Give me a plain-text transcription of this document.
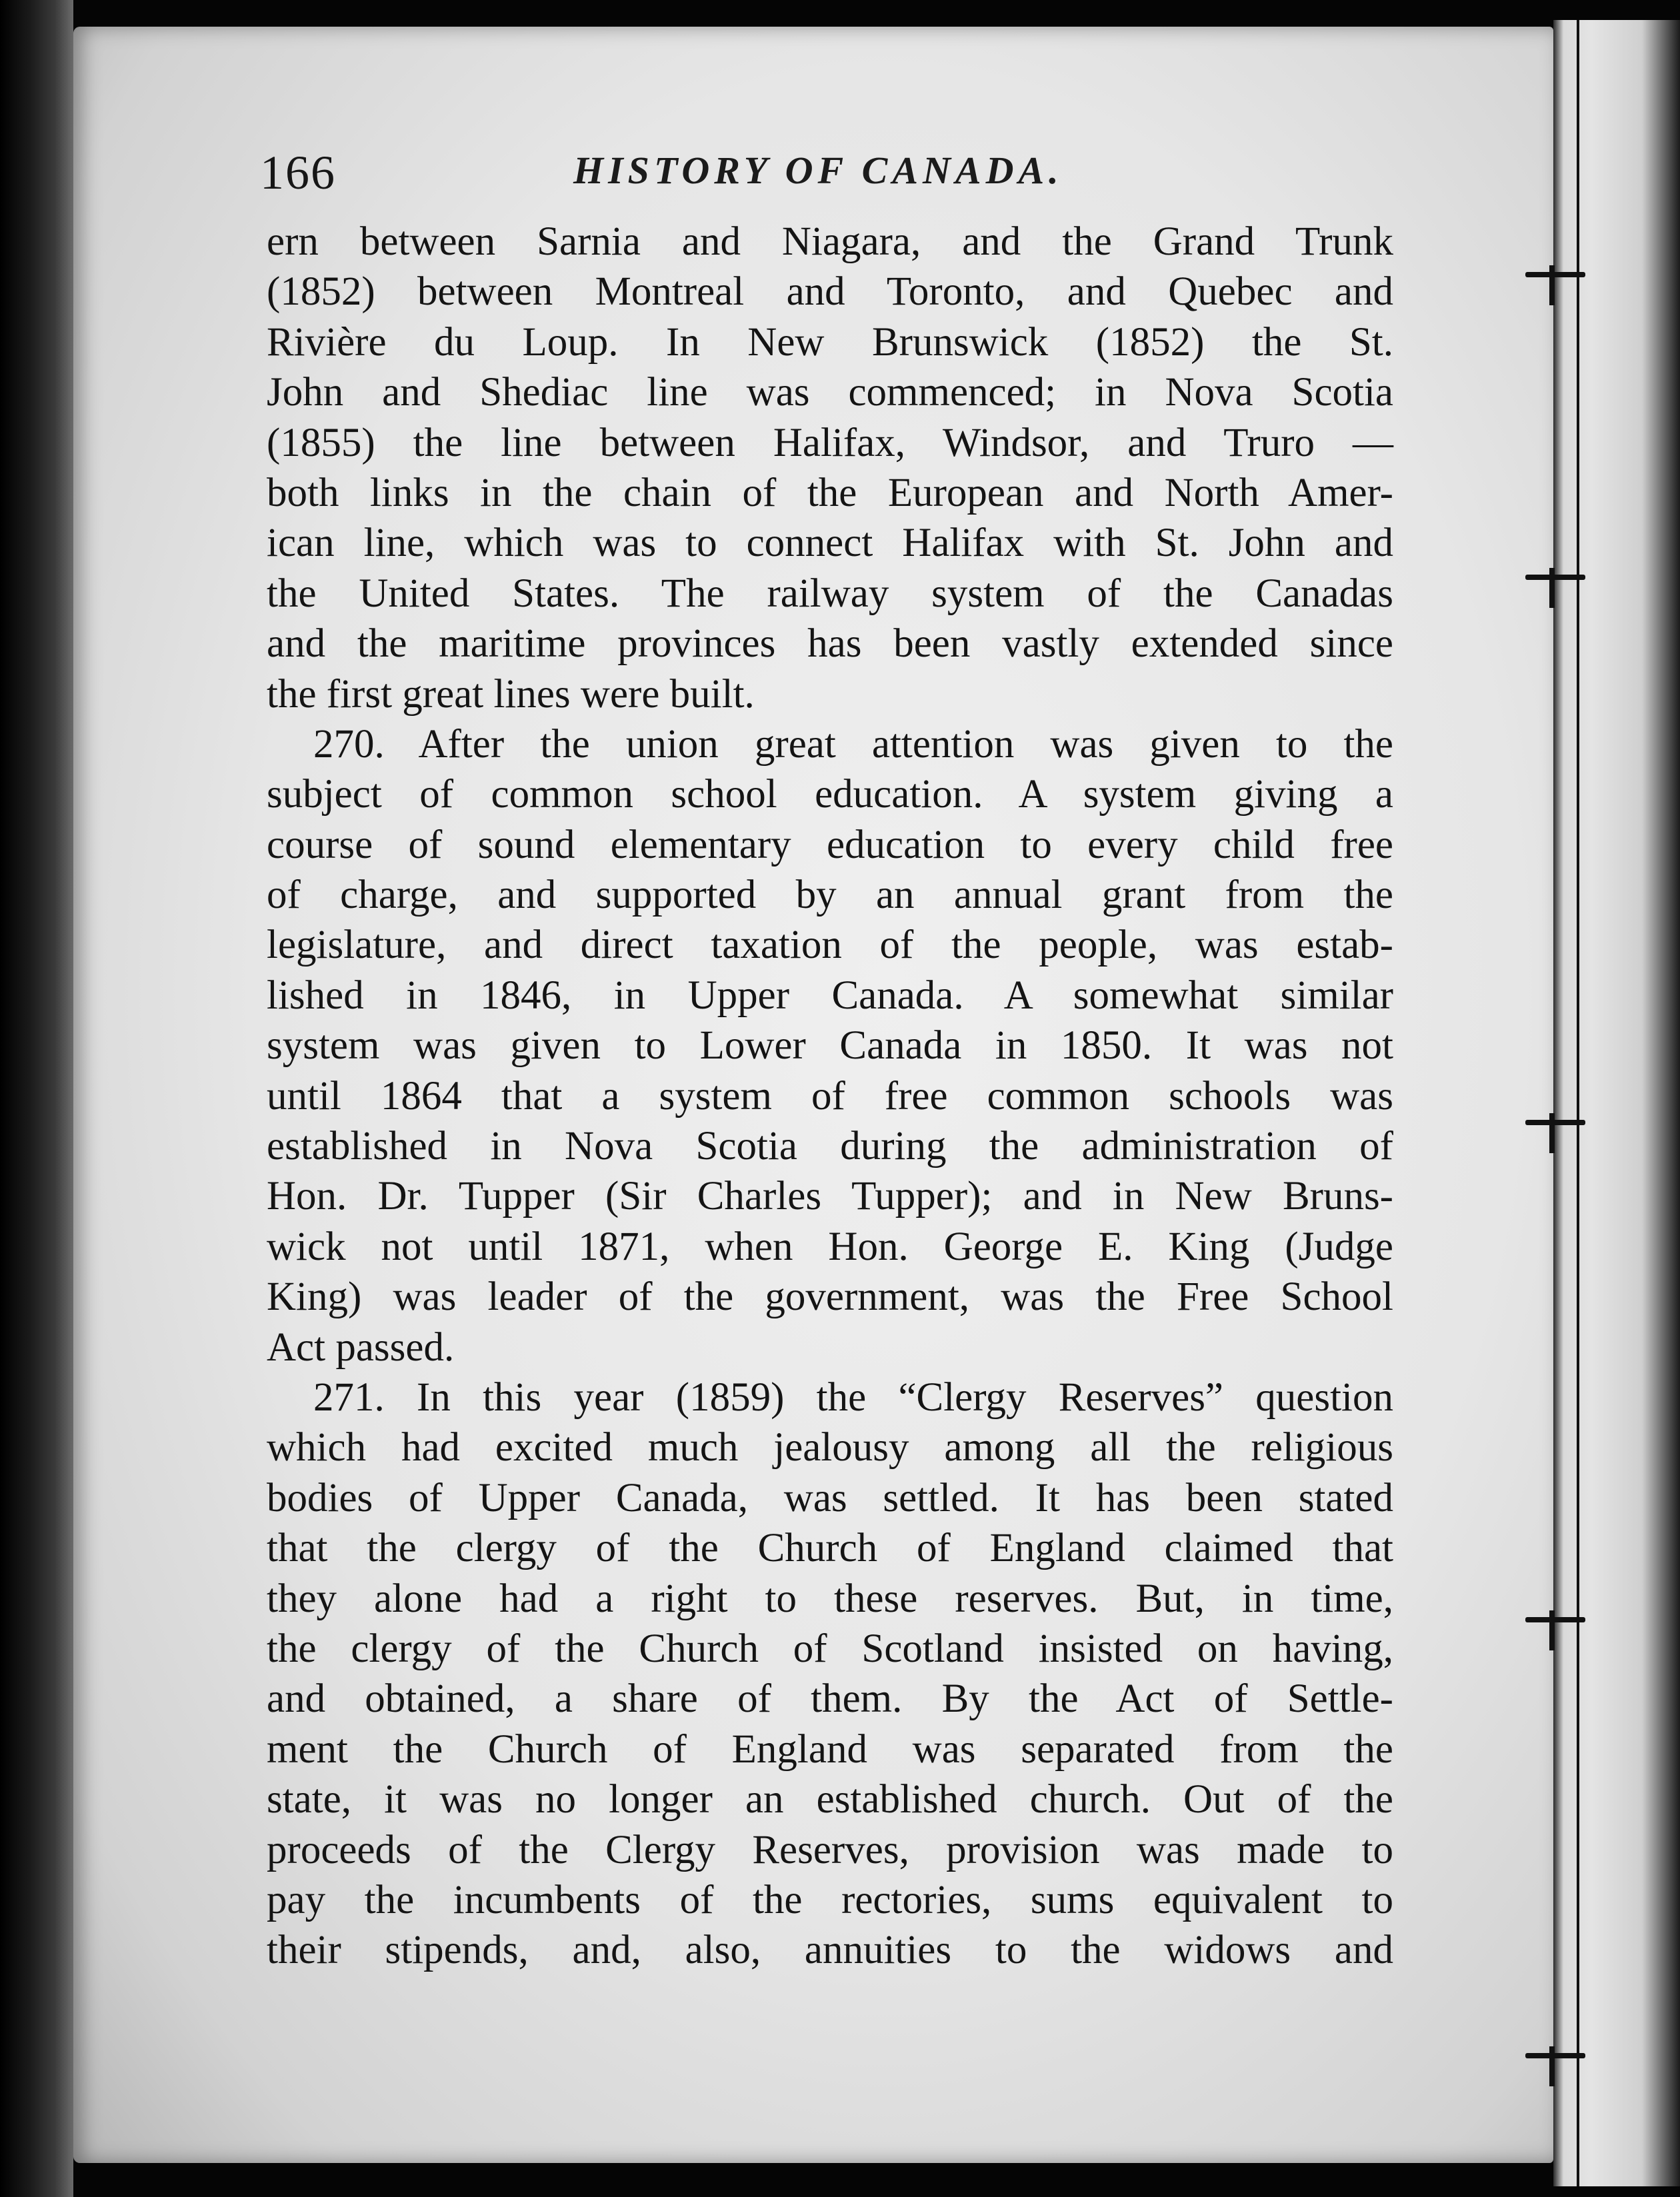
166	HISTORY OF CANADA.
ern between Sarnia and Niagara, and the Grand Trunk
(1852) between Montreal and Toronto, and Quebec and
Rivière du Loup. In New Brunswick (1852) the St.
John and Shediac line was commenced; in Nova Scotia
(1855) the line between Halifax, Windsor, and Truro —
both links in the chain of the European and North Amer-
ican line, which was to connect Halifax with St. John and
the United States. The railway system of the Canadas
and the maritime provinces has been vastly extended since
the first great lines were built.
270. After the union great attention was given to the
subject of common school education. A system giving a
course of sound elementary education to every child free
of charge, and supported by an annual grant from the
legislature, and direct taxation of the people, was estab-
lished in 1846, in Upper Canada. A somewhat similar
system was given to Lower Canada in 1850. It was not
until 1864 that a system of free common schools was
established in Nova Scotia during the administration of
Hon. Dr. Tupper (Sir Charles Tupper); and in New Bruns-
wick not until 1871, when Hon. George E. King (Judge
King) was leader of the government, was the Free School
Act passed.
271. In this year (1859) the “Clergy Reserves” question
which had excited much jealousy among all the religious
bodies of Upper Canada, was settled. It has been stated
that the clergy of the Church of England claimed that
they alone had a right to these reserves. But, in time,
the clergy of the Church of Scotland insisted on having,
and obtained, a share of them. By the Act of Settle-
ment the Church of England was separated from the
state, it was no longer an established church. Out of the
proceeds of the Clergy Reserves, provision was made to
pay the incumbents of the rectories, sums equivalent to
their stipends, and, also, annuities to the widows and
